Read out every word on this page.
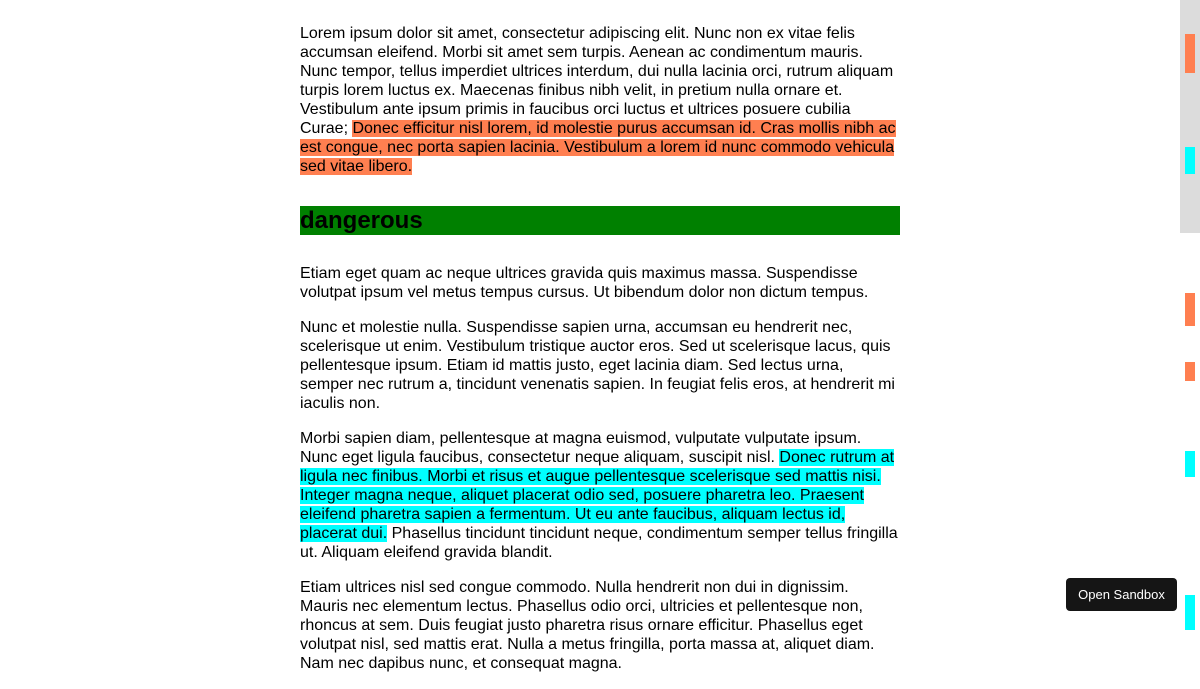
Lorem ipsum dolor sit amet, consectetur adipiscing elit. Nunc non ex vitae felis accumsan eleifend. Morbi sit amet sem turpis. Aenean ac condimentum mauris. Nunc tempor, tellus imperdiet ultrices interdum, dui nulla lacinia orci, rutrum aliquam turpis lorem luctus ex. Maecenas finibus nibh velit, in pretium nulla ornare et. Vestibulum ante ipsum primis in faucibus orci luctus et ultrices posuere cubilia Curae; Donec efficitur nisl lorem, id molestie purus accumsan id. Cras mollis nibh ac est congue, nec porta sapien lacinia. Vestibulum a lorem id nunc commodo vehicula sed vitae libero.

dangerous

Etiam eget quam ac neque ultrices gravida quis maximus massa. Suspendisse volutpat ipsum vel metus tempus cursus. Ut bibendum dolor non dictum tempus.

Nunc et molestie nulla. Suspendisse sapien urna, accumsan eu hendrerit nec, scelerisque ut enim. Vestibulum tristique auctor eros. Sed ut scelerisque lacus, quis pellentesque ipsum. Etiam id mattis justo, eget lacinia diam. Sed lectus urna, semper nec rutrum a, tincidunt venenatis sapien. In feugiat felis eros, at hendrerit mi iaculis non.

Morbi sapien diam, pellentesque at magna euismod, vulputate vulputate ipsum. Nunc eget ligula faucibus, consectetur neque aliquam, suscipit nisl. Donec rutrum at ligula nec finibus. Morbi et risus et augue pellentesque scelerisque sed mattis nisi. Integer magna neque, aliquet placerat odio sed, posuere pharetra leo. Praesent eleifend pharetra sapien a fermentum. Ut eu ante faucibus, aliquam lectus id, placerat dui. Phasellus tincidunt tincidunt neque, condimentum semper tellus fringilla ut. Aliquam eleifend gravida blandit.

Etiam ultrices nisl sed congue commodo. Nulla hendrerit non dui in dignissim. Mauris nec elementum lectus. Phasellus odio orci, ultricies et pellentesque non, rhoncus at sem. Duis feugiat justo pharetra risus ornare efficitur. Phasellus eget volutpat nisl, sed mattis erat. Nulla a metus fringilla, porta massa at, aliquet diam. Nam nec dapibus nunc, et consequat magna.

Open Sandbox
